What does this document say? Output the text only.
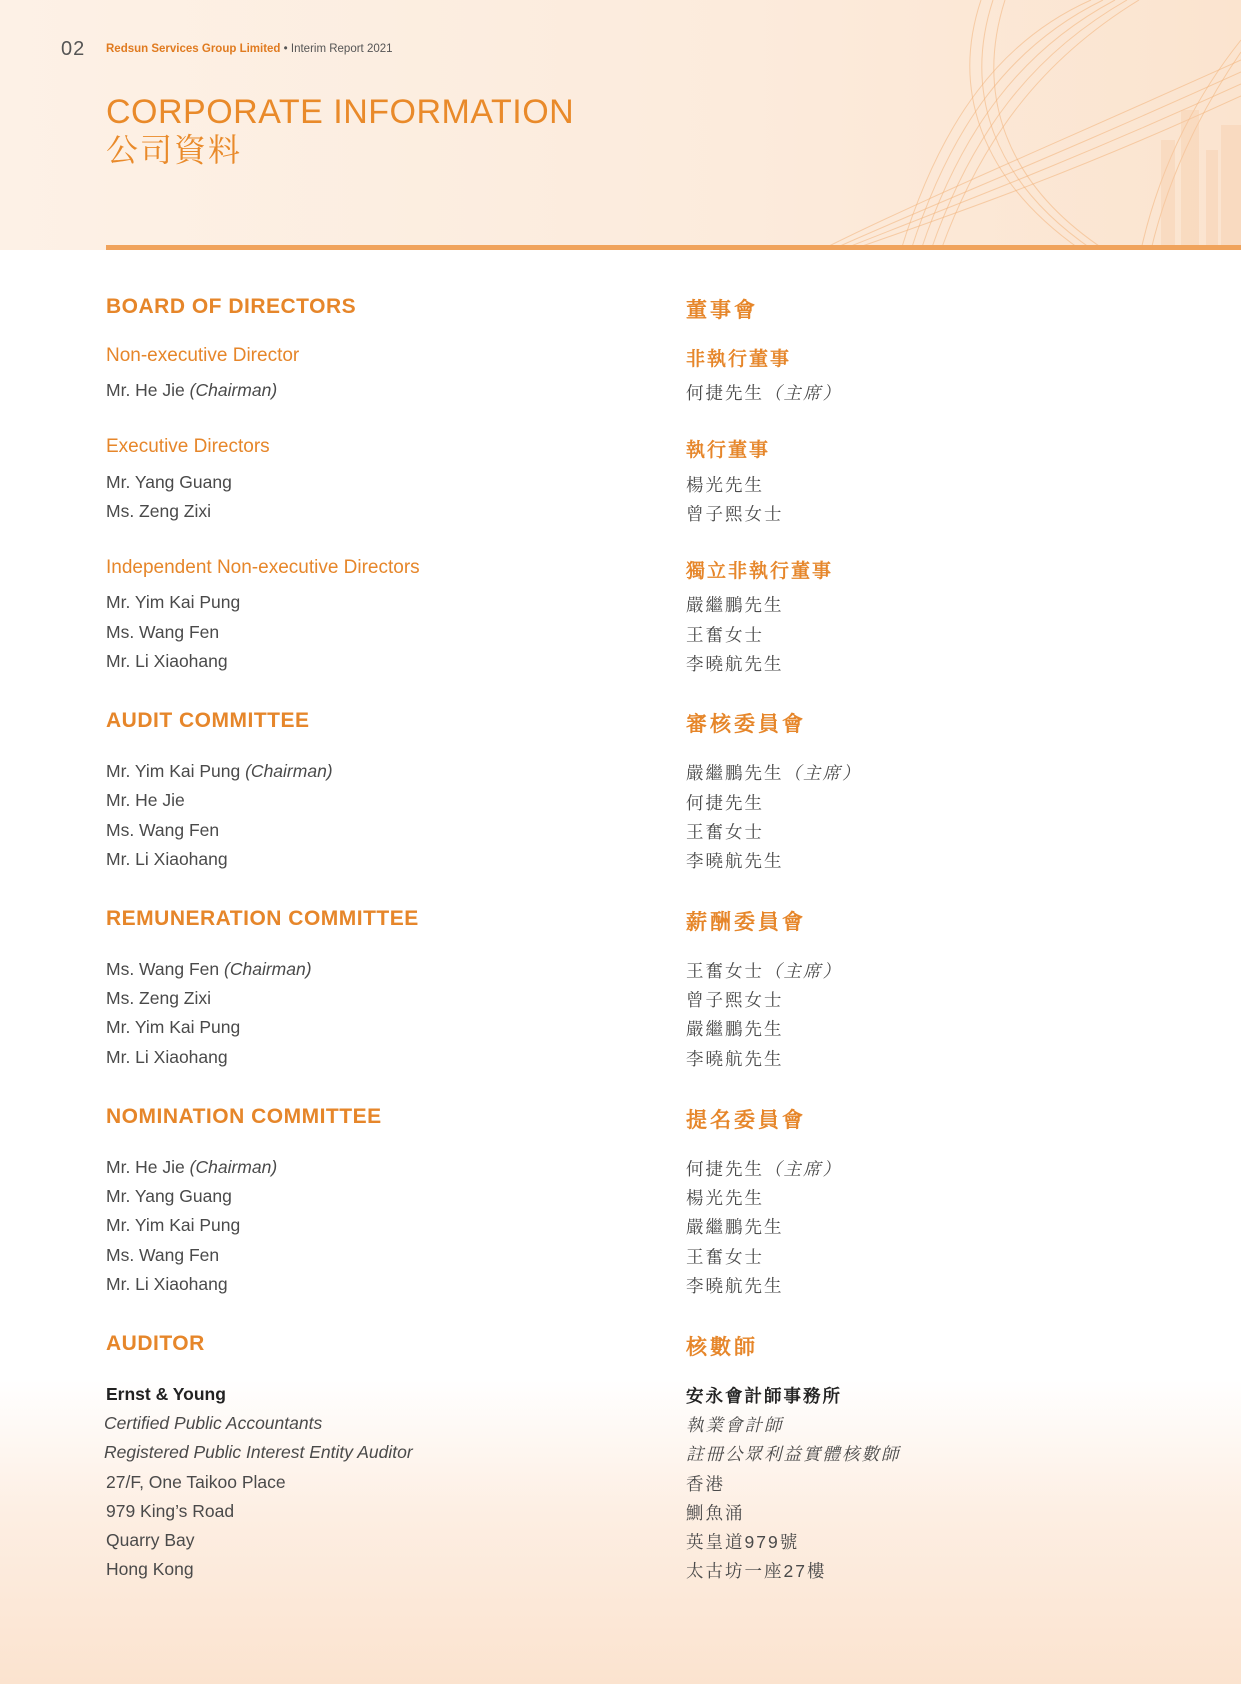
02 Redsun Services Group Limited • Interim Report 2021
CORPORATE INFORMATION
公司資料
BOARD OF DIRECTORS
Non-executive Director
Mr. He Jie (Chairman)
Executive Directors
Mr. Yang Guang
Ms. Zeng Zixi
Independent Non-executive Directors
Mr. Yim Kai Pung
Ms. Wang Fen
Mr. Li Xiaohang
AUDIT COMMITTEE
Mr. Yim Kai Pung (Chairman)
Mr. He Jie
Ms. Wang Fen
Mr. Li Xiaohang
REMUNERATION COMMITTEE
Ms. Wang Fen (Chairman)
Ms. Zeng Zixi
Mr. Yim Kai Pung
Mr. Li Xiaohang
NOMINATION COMMITTEE
Mr. He Jie (Chairman)
Mr. Yang Guang
Mr. Yim Kai Pung
Ms. Wang Fen
Mr. Li Xiaohang
AUDITOR
Ernst & Young
Certified Public Accountants
Registered Public Interest Entity Auditor
27/F, One Taikoo Place
979 King’s Road
Quarry Bay
Hong Kong
董事會
非執行董事
何捷先生（主席）
執行董事
楊光先生
曾子熙女士
獨立非執行董事
嚴繼鵬先生
王奮女士
李曉航先生
審核委員會
嚴繼鵬先生（主席）
何捷先生
王奮女士
李曉航先生
薪酬委員會
王奮女士（主席）
曾子熙女士
嚴繼鵬先生
李曉航先生
提名委員會
何捷先生（主席）
楊光先生
嚴繼鵬先生
王奮女士
李曉航先生
核數師
安永會計師事務所
執業會計師
註冊公眾利益實體核數師
香港
鰂魚涌
英皇道979號
太古坊一座27樓
